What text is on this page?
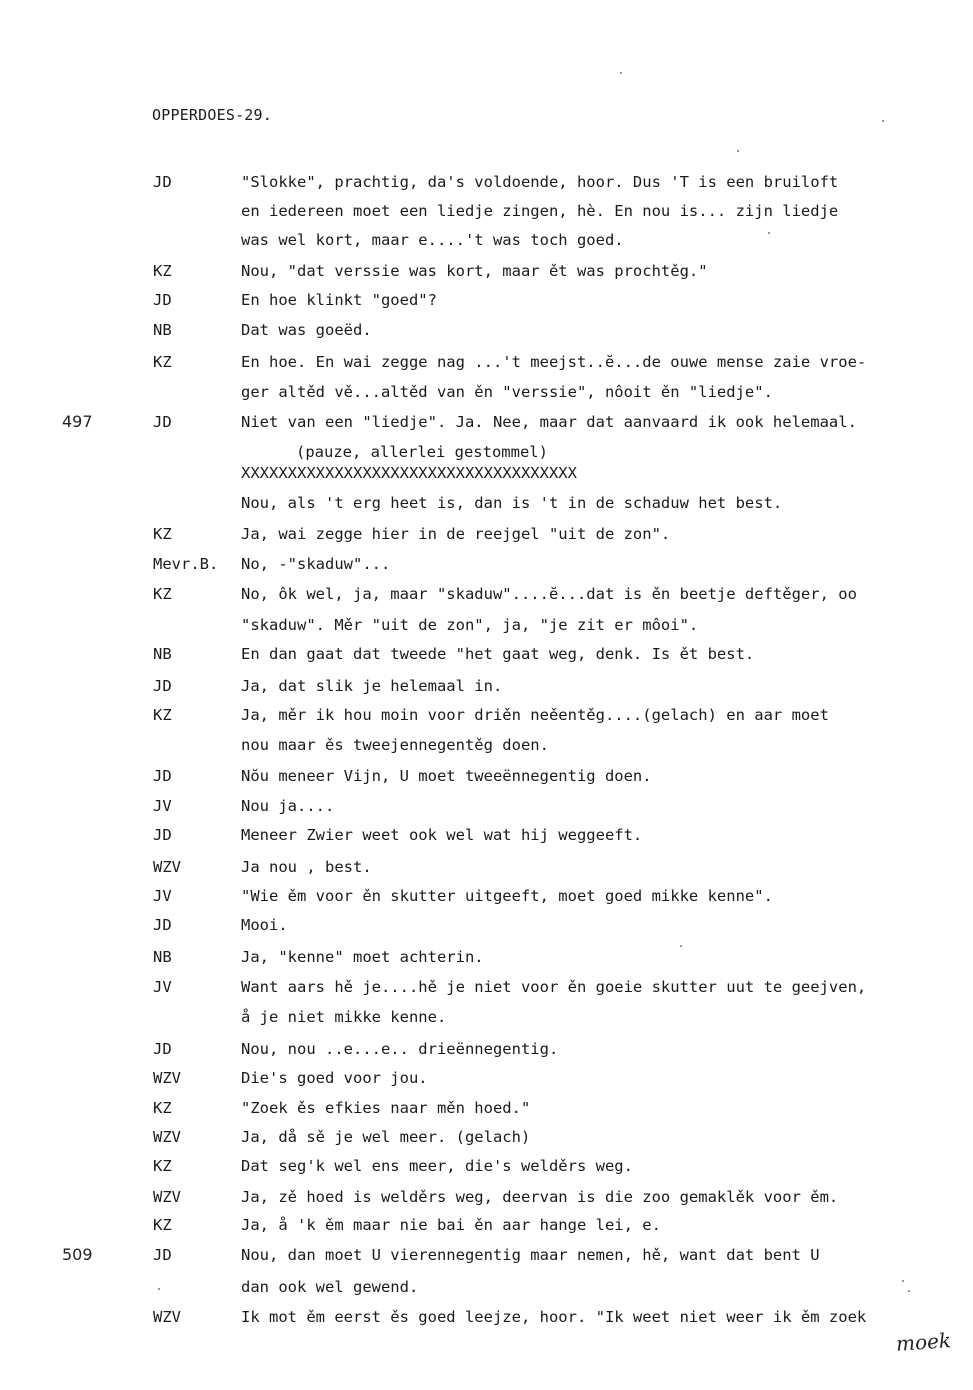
OPPERDOES-29.
JD	"Slokke", prachtig, da's voldoende, hoor. Dus 'T is een bruiloft
en iedereen moet een liedje zingen, hè. En nou is... zijn liedje
was wel kort, maar e....'t was toch goed.
KZ	Nou, "dat verssie was kort, maar ět was prochtěg."
JD	En hoe klinkt "goed"?
NB	Dat was goeëd.
KZ	En hoe. En wai zegge nag ...'t meejst..ĕ...de ouwe mense zaie vroe-
ger altěd vě...altěd van ěn "verssie", nôoit ěn "liedje".
497	JD	Niet van een "liedje". Ja. Nee, maar dat aanvaard ik ook helemaal.
(pauze, allerlei gestommel)
XXXXXXXXXXXXXXXXXXXXXXXXXXXXXXXXXXXX
Nou, als 't erg heet is, dan is 't in de schaduw het best.
KZ	Ja, wai zegge hier in de reejgel "uit de zon".
Mevr.B. No, -"skaduw"...
KZ	No, ôk wel, ja, maar "skaduw"....ĕ...dat is ěn beetje deftěger, oo
"skaduw". Měr "uit de zon", ja, "je zit er môoi".
NB	En dan gaat dat tweede "het gaat weg, denk. Is ět best.
JD	Ja, dat slik je helemaal in.
KZ	Ja, měr ik hou moin voor driěn neěentěg....(gelach) en aar moet
nou maar ěs tweejennegentěg doen.
JD	Nŏu meneer Vijn, U moet tweeënnegentig doen.
JV	Nou ja....
JD	Meneer Zwier weet ook wel wat hij weggeeft.
WZV	Ja nou , best.
JV	"Wie ěm voor ěn skutter uitgeeft, moet goed mikke kenne".
JD	Mooi.
NB	Ja, "kenne" moet achterin.
JV	Want aars hě je....hě je niet voor ěn goeie skutter uut te geejven,
å je niet mikke kenne.
JD	Nou, nou ..e...e.. drieënnegentig.
WZV	Die's goed voor jou.
KZ	"Zoek ěs efkies naar měn hoed."
WZV	Ja, då sě je wel meer. (gelach)
KZ	Dat seg'k wel ens meer, die's welděrs weg.
WZV	Ja, zě hoed is welděrs weg, deervan is die zoo gemaklěk voor ěm.
KZ	Ja, å 'k ěm maar nie bai ěn aar hange lei, e.
509	JD	Nou, dan moet U vierennegentig maar nemen, hě, want dat bent U
dan ook wel gewend.
WZV	Ik mot ěm eerst ěs goed leejze, hoor. "Ik weet niet weer ik ěm zoek
moek
